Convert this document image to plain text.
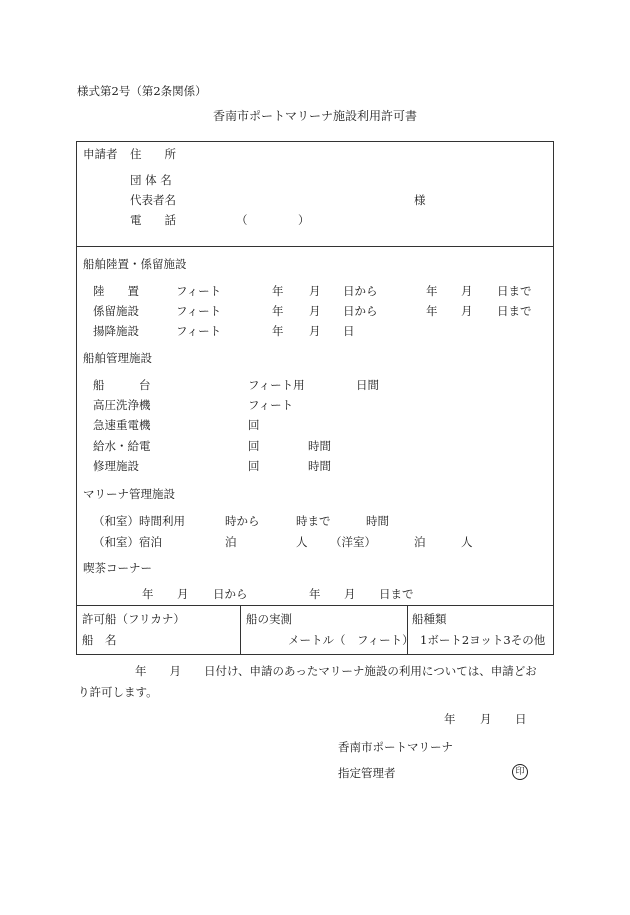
様式第2号（第2条関係）
香南市ポートマリーナ施設利用許可書
申請者 住　　所
団 体 名
代表者名	様
電　　話	（	）
船舶陸置・係留施設
陸　　置	フィート	年 月 日から	年 月 日まで
係留施設	フィート	年 月 日から	年 月 日まで
揚降施設	フィート	年 月 日
船舶管理施設
船　　　台	フィート用	日間
高圧洗浄機	フィート
急速重電機	回
給水・給電	回	時間
修理施設	回	時間
マリーナ管理施設
（和室）時間利用	時から	時まで	時間
（和室）宿泊	泊	人 （洋室）	泊	人
喫茶コーナー
年 月 日から	年 月 日まで
許可船（フリカナ）
船　名
船の実測
メートル（　フィート）
船種類
1ボート2ヨット3その他
年　　月　　日付け、申請のあったマリーナ施設の利用については、申請どお
り許可します。
年 月 日
香南市ポートマリーナ
指定管理者	印
